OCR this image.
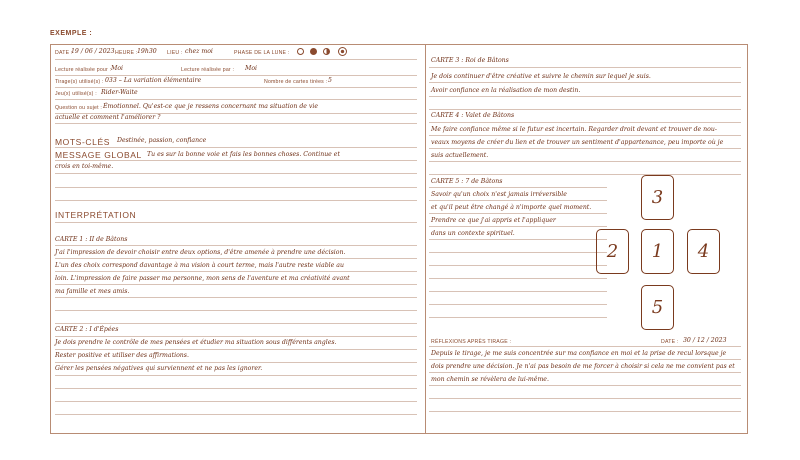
EXEMPLE :
DATE :
19 / 06 / 2023 HEURE : 19h30 LIEU : chez moi	PHASE DE LA LUNE :
Lecture réalisée pour : Moi	Lecture réalisée par : Moi
Tirage(s) utilisé(s) : 033 – La variation élémentaire	Nombre de cartes tirées : 5
Jeu(x) utilisé(s) : Rider-Waite
Question ou sujet : Émotionnel. Qu'est-ce que je ressens concernant ma situation de vie
actuelle et comment l'améliorer ?
MOTS-CLÉS Destinée, passion, confiance
MESSAGE GLOBAL Tu es sur la bonne voie et fais les bonnes choses. Continue et
crois en toi-même.
INTERPRÉTATION
CARTE 1 : II de Bâtons
J'ai l'impression de devoir choisir entre deux options, d'être amenée à prendre une décision.
L'un des choix correspond davantage à ma vision à court terme, mais l'autre reste viable au
loin. L'impression de faire passer ma personne, mon sens de l'aventure et ma créativité avant
ma famille et mes amis.
CARTE 2 : I d'Épées
Je dois prendre le contrôle de mes pensées et étudier ma situation sous différents angles.
Rester positive et utiliser des affirmations.
Gérer les pensées négatives qui surviennent et ne pas les ignorer.
CARTE 3 : Roi de Bâtons
Je dois continuer d'être créative et suivre le chemin sur lequel je suis.
Avoir confiance en la réalisation de mon destin.
CARTE 4 : Valet de Bâtons
Me faire confiance même si le futur est incertain. Regarder droit devant et trouver de nou-
veaux moyens de créer du lien et de trouver un sentiment d'appartenance, peu importe où je
suis actuellement.
CARTE 5 : 7 de Bâtons
Savoir qu'un choix n'est jamais irréversible
et qu'il peut être changé à n'importe quel moment.
Prendre ce que j'ai appris et l'appliquer
dans un contexte spirituel.
3
2	1	4
5
RÉFLEXIONS APRÈS TIRAGE :	DATE : 30 / 12 / 2023
Depuis le tirage, je me suis concentrée sur ma confiance en moi et la prise de recul lorsque je
dois prendre une décision. Je n'ai pas besoin de me forcer à choisir si cela ne me convient pas et
mon chemin se révèlera de lui-même.
